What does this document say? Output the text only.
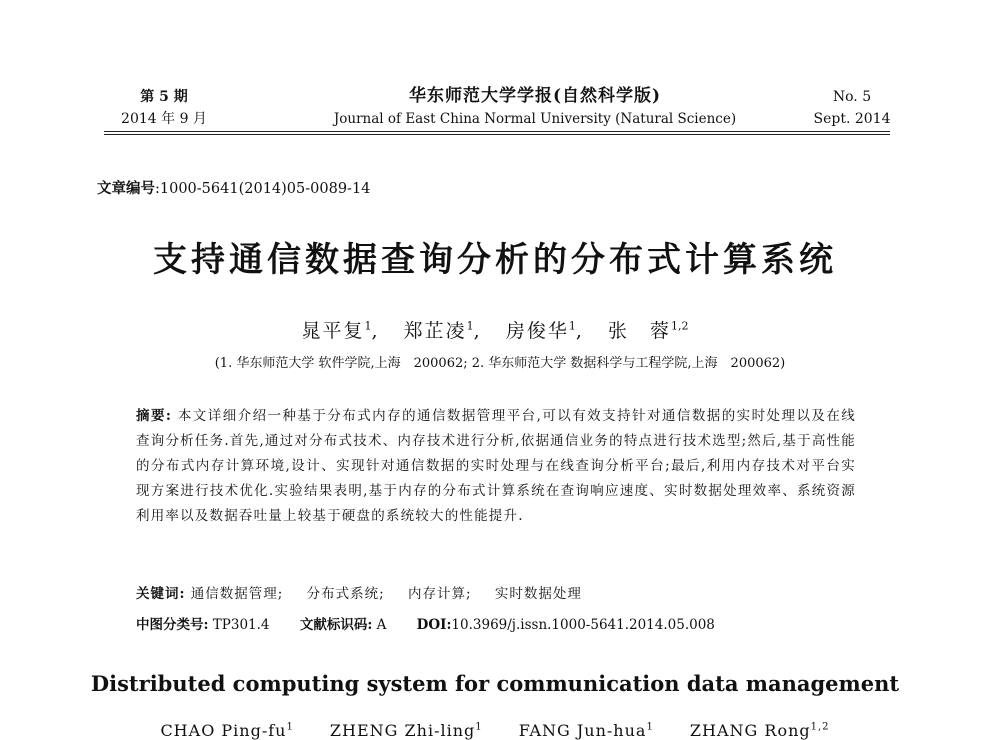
第 5 期
2014 年 9 月
华东师范大学学报(自然科学版)
Journal of East China Normal University (Natural Science)
No. 5
Sept. 2014
文章编号:1000-5641(2014)05-0089-14
支持通信数据查询分析的分布式计算系统
晁平复$^1$, 郑芷凌$^1$, 房俊华$^1$, 张　蓉$^{1,2}$
(1. 华东师范大学 软件学院,上海　200062; 2. 华东师范大学 数据科学与工程学院,上海　200062)
摘要: 本文详细介绍一种基于分布式内存的通信数据管理平台,可以有效支持针对通信数据的实时处理以及在线查询分析任务.首先,通过对分布式技术、内存技术进行分析,依据通信业务的特点进行技术选型;然后,基于高性能的分布式内存计算环境,设计、实现针对通信数据的实时处理与在线查询分析平台;最后,利用内存技术对平台实现方案进行技术优化.实验结果表明,基于内存的分布式计算系统在查询响应速度、实时数据处理效率、系统资源利用率以及数据吞吐量上较基于硬盘的系统较大的性能提升.
关键词: 通信数据管理; 分布式系统; 内存计算; 实时数据处理
中图分类号: TP301.4 文献标识码: A DOI:10.3969/j.issn.1000-5641.2014.05.008
Distributed computing system for communication data management
CHAO Ping-$fu^1$ ZHENG Zhi-ling$^1$ FANG Jun-hua$^1$ ZHANG Rong$^{1,2}$
